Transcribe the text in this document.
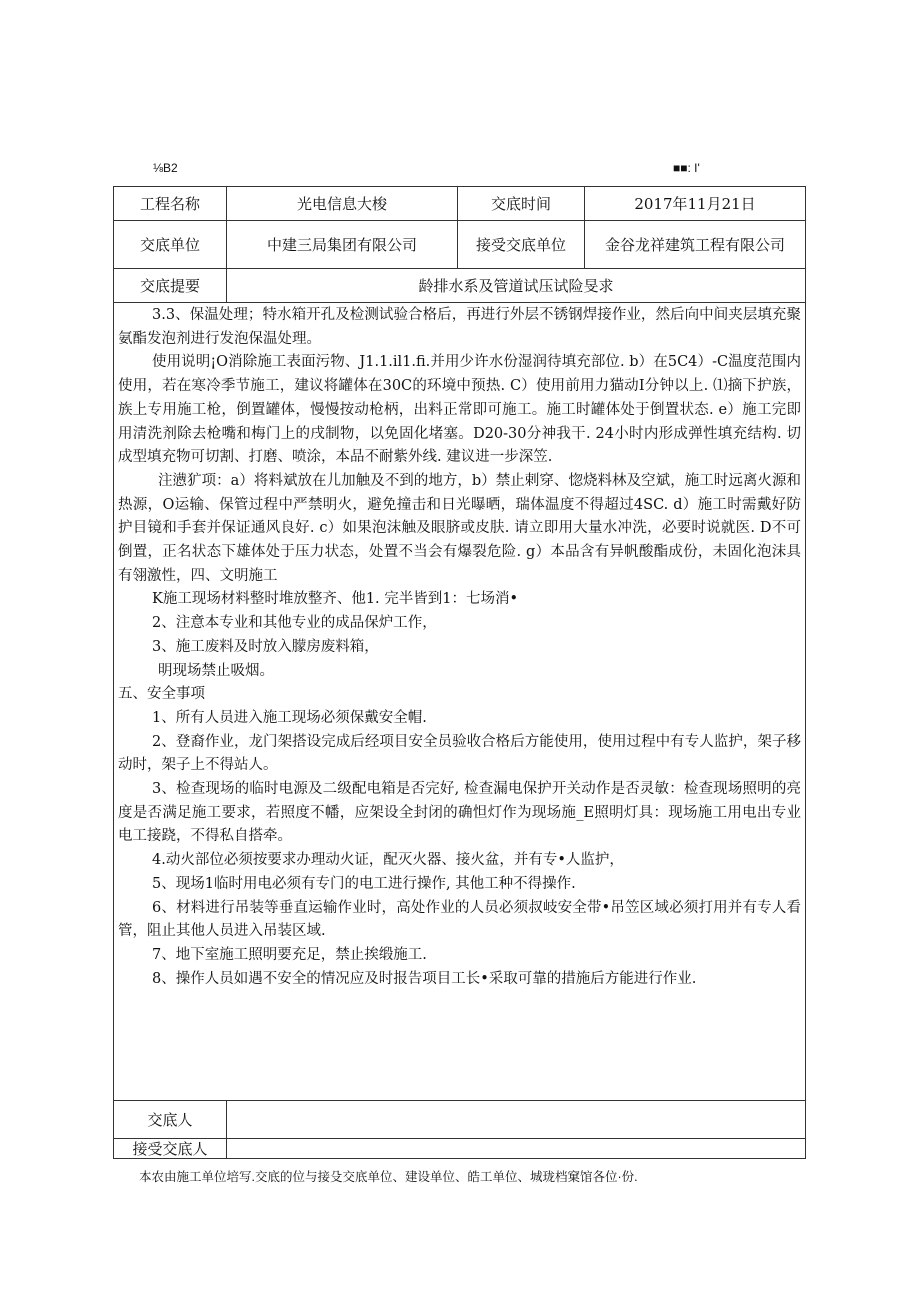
⅛B2	■■: I'
工程名称	光电信息大梭	交底时间	2017年11月21日
交底单位	中建三局集团有限公司	接受交底单位	金谷龙祥建筑工程有限公司
交底提要	龄排水系及管道试压试险旻求

3.3、保温处理；特水箱开孔及检测试验合格后，再进行外层不锈钢焊接作业，然后向中间夹层填充聚氨酯发泡剂进行发泡保温处理。

使用说明¡O消除施工表面污物、J1.1.il1.fi.并用少许水份湿润待填充部位. b）在5C4）-C温度范围内使用，若在寒冷季节施工，建议将罐体在30C的环境中预热. C）使用前用力猫动I分钟以上. ⑴摘下护族，族上专用施工枪，倒置罐体，慢慢按动枪柄，出料正常即可施工。施工时罐体处于倒置状态. e）施工完即用清洗剂除去枪嘴和梅门上的戌制物，以免固化堵塞。D20-30分神我干. 24小时内形成弹性填充结构. 切成型填充物可切割、打磨、喷涂，本品不耐紫外线. 建议进一步深笠.

注懑犷项：a）将料斌放在儿加触及不到的地方，b）禁止剌穿、惚烧料林及空斌，施工时远离火源和热源，O运输、保管过程中严禁明火，避免撞击和日光曝晒，瑞体温度不得超过4SC. d）施工时需戴好防护目镜和手套并保证通风良好. c）如果泡沫触及眼脐或皮肤. 请立即用大量水冲洗，必要时说就医. D不可倒置，正名状态下雄体处于压力状态，处置不当会有爆裂危险. g）本品含有异帆酸酯成份，未固化泡沫具有翎激性，四、文明施工

K施工现场材料整时堆放整齐、他1. 完半皆到1：七场消•

2、注意本专业和其他专业的成品保炉工作，

3、施工废料及时放入朦房废料箱，

明现场禁止吸烟。

五、安全事项

1、所有人员进入施工现场必须保戴安全帽.

2、登裔作业，龙门架搭设完成后经项目安全员验收合格后方能使用，使用过程中有专人监护，架子移动时，架子上不得站人。

3、检查现场的临时电源及二级配电箱是否完好, 检查漏电保护开关动作是否灵敏：检查现场照明的亮度是否满足施工要求，若照度不幡，应架设全封闭的确怛灯作为现场施_E照明灯具：现场施工用电出专业电工接跷，不得私自搭牵。

4.动火部位必须按要求办理动火证，配灭火器、接火盆，并有专•人监护，

5、现场1临时用电必须有专门的电工进行操作, 其他工种不得操作.

6、材料进行吊装等垂直运输作业时，高处作业的人员必须叔岐安全带•吊笠区域必须打用并有专人看管，阻止其他人员进入吊装区域.

7、地下室施工照明要充足，禁止挨缎施工.

8、操作人员如遇不安全的情况应及时报告项目工长•采取可靠的措施后方能进行作业.

交底人
接受交底人
本农由施工单位培写.交底的位与接殳交底单位、建设单位、皓工单位、城珑档窠馆各位·份.
